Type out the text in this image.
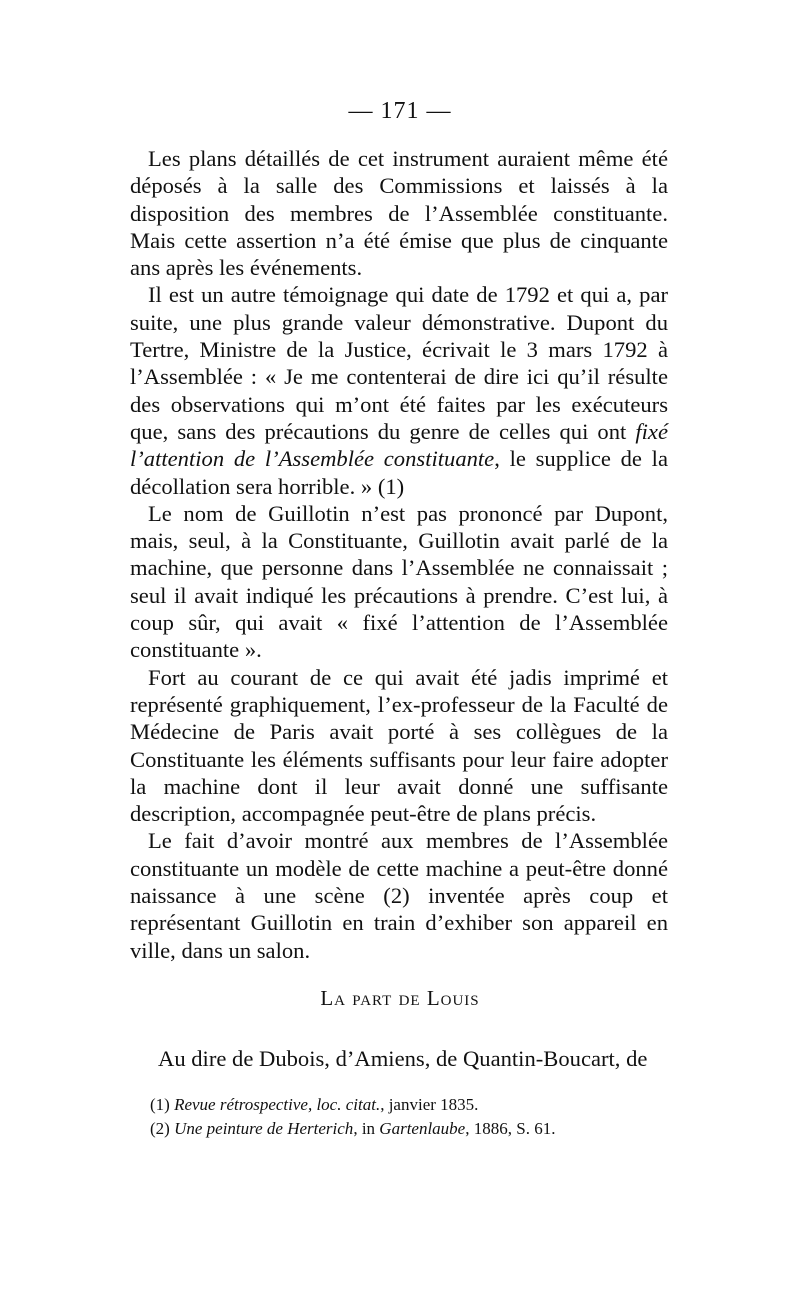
— 171 —

Les plans détaillés de cet instrument auraient même été déposés à la salle des Commissions et laissés à la disposition des membres de l’Assemblée constituante. Mais cette assertion n’a été émise que plus de cinquante ans après les événements.

Il est un autre témoignage qui date de 1792 et qui a, par suite, une plus grande valeur démonstrative. Dupont du Tertre, Ministre de la Justice, écrivait le 3 mars 1792 à l’Assemblée : « Je me contenterai de dire ici qu’il résulte des observations qui m’ont été faites par les exécuteurs que, sans des précautions du genre de celles qui ont fixé l’attention de l’Assemblée constituante, le supplice de la décollation sera horrible. » (1)

Le nom de Guillotin n’est pas prononcé par Dupont, mais, seul, à la Constituante, Guillotin avait parlé de la machine, que personne dans l’Assemblée ne connaissait ; seul il avait indiqué les précautions à prendre. C’est lui, à coup sûr, qui avait « fixé l’attention de l’Assemblée constituante ».

Fort au courant de ce qui avait été jadis imprimé et représenté graphiquement, l’ex-professeur de la Faculté de Médecine de Paris avait porté à ses collègues de la Constituante les éléments suffisants pour leur faire adopter la machine dont il leur avait donné une suffisante description, accompagnée peut-être de plans précis.

Le fait d’avoir montré aux membres de l’Assemblée constituante un modèle de cette machine a peut-être donné naissance à une scène (2) inventée après coup et représentant Guillotin en train d’exhiber son appareil en ville, dans un salon.

La part de Louis
Au dire de Dubois, d’Amiens, de Quantin-Boucart, de
(1) Revue rétrospective, loc. citat., janvier 1835.
(2) Une peinture de Herterich, in Gartenlaube, 1886, S. 61.
